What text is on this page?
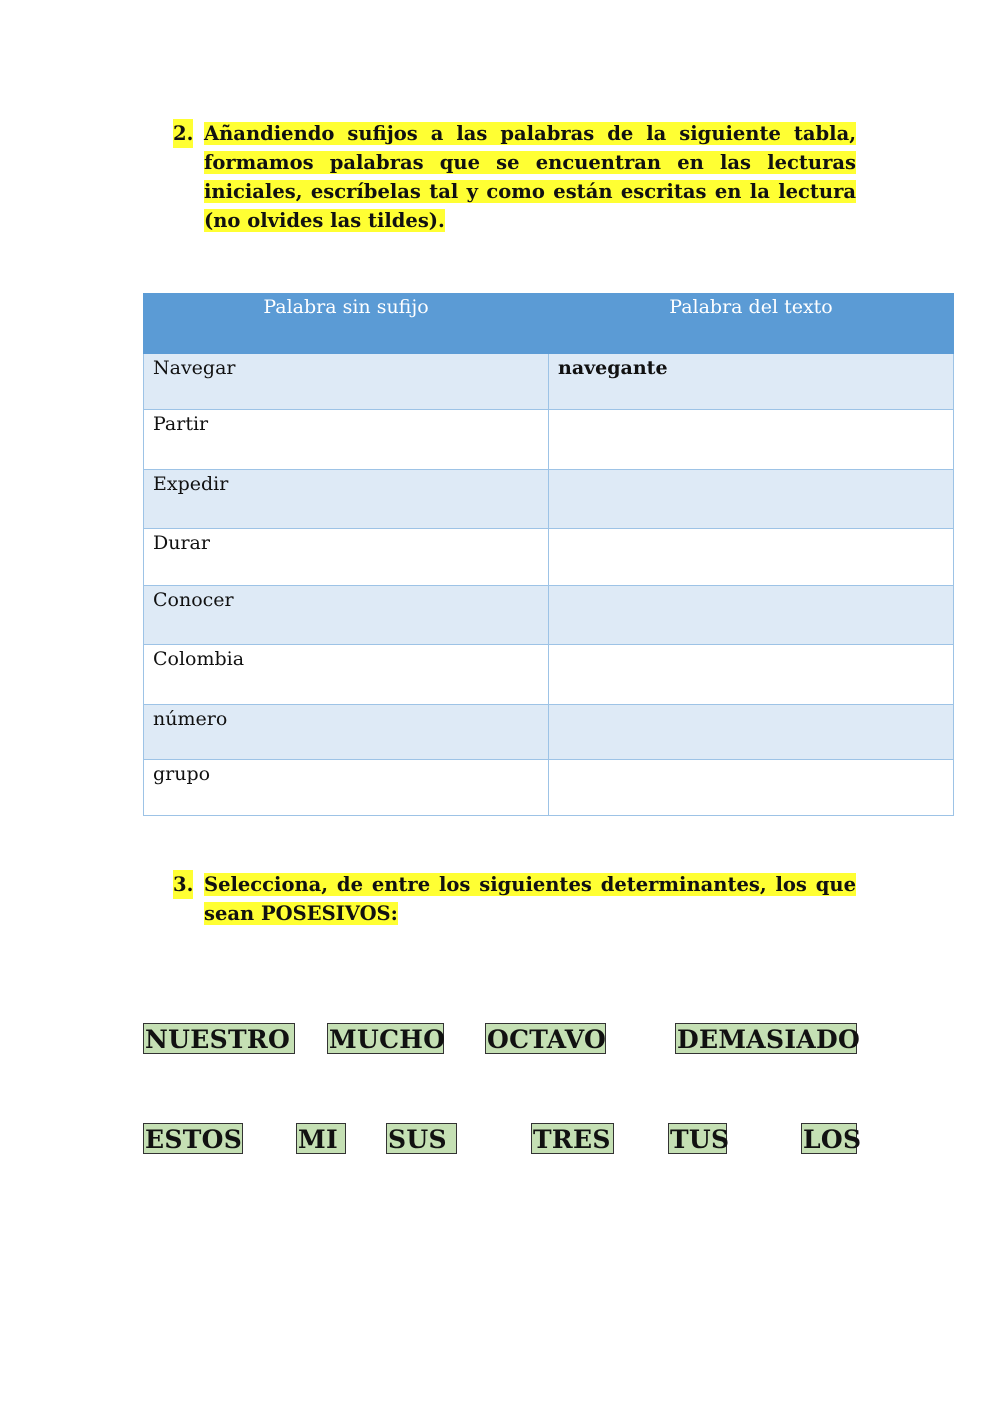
2. Añandiendo sufijos a las palabras de la siguiente tabla, formamos palabras que se encuentran en las lecturas iniciales, escríbelas tal y como están escritas en la lectura (no olvides las tildes).
Palabra sin sufijo	Palabra del texto
Navegar	navegante
Partir	
Expedir	
Durar	
Conocer	
Colombia	
número	
grupo	
3. Selecciona, de entre los siguientes determinantes, los que sean POSESIVOS:
NUESTRO MUCHO OCTAVO	DEMASIADO
ESTOS MI	SUS	TRES TUS	LOS
